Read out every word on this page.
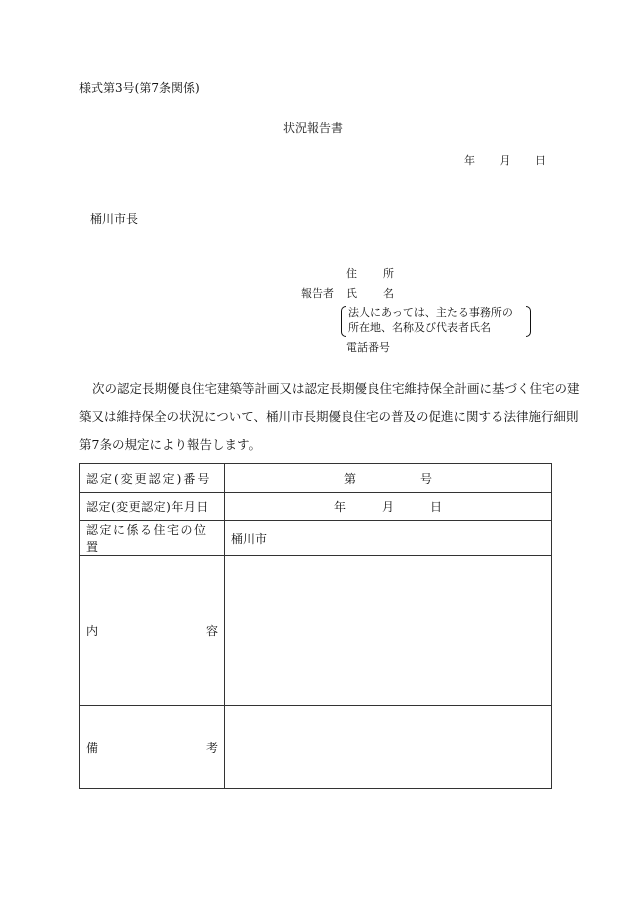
様式第3号(第7条関係)
状況報告書
年 月 日
桶川市長
住 所
報告者 氏 名
法人にあっては、主たる事務所の
所在地、名称及び代表者氏名
電話番号
次の認定長期優良住宅建築等計画又は認定長期優良住宅維持保全計画に基づく住宅の建
築又は維持保全の状況について、桶川市長期優良住宅の普及の促進に関する法律施行細則
第7条の規定により報告します。
認定(変更認定)番号	第 号

認定(変更認定)年月日	年 月 日

認定に係る住宅の位置	桶川市

内 容	

備 考	
